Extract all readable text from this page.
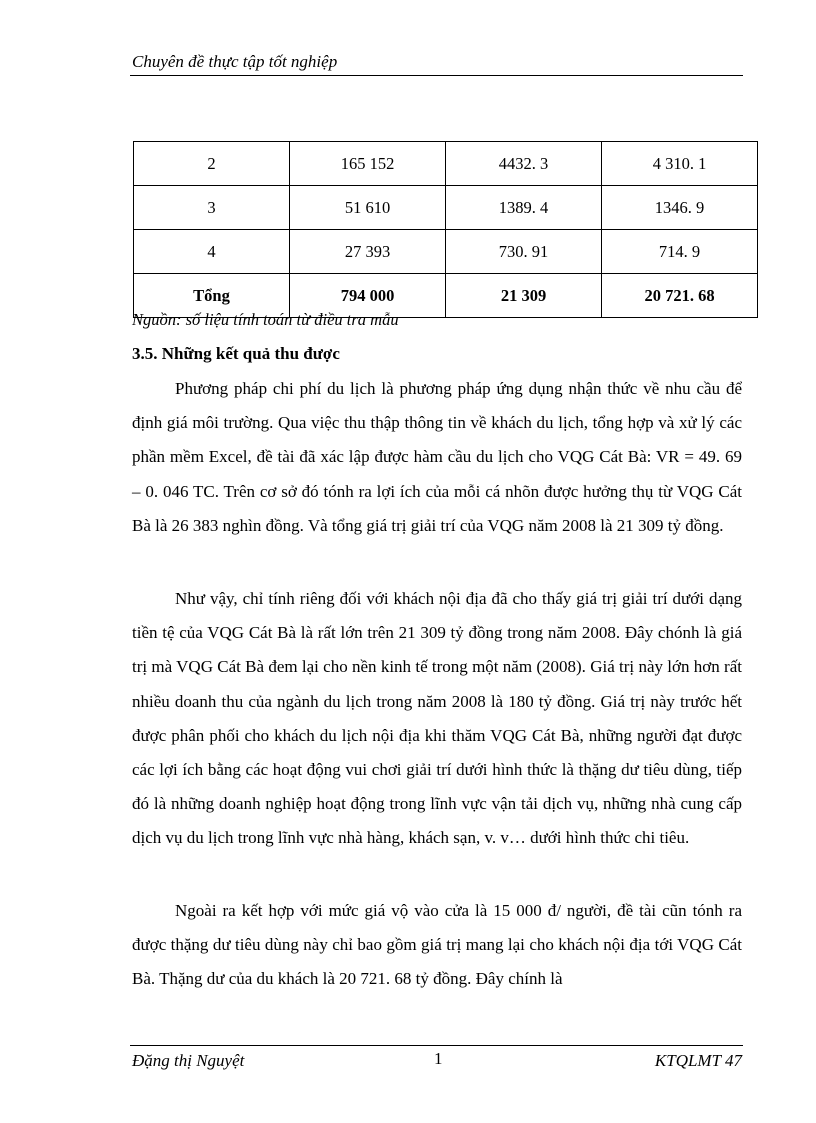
Chuyên đề thực tập tốt nghiệp
2	165 152	4432. 3	4 310. 1
3	51 610	1389. 4	1346. 9
4	27 393	730. 91	714. 9
Tổng	794 000	21 309	20 721. 68
Nguồn: số liệu tính toán từ điều tra mẫu
3.5. Những kết quả thu được
Phương pháp chi phí du lịch là phương pháp ứng dụng nhận thức về nhu cầu để định giá môi trường. Qua việc thu thập thông tin về khách du lịch, tổng hợp và xử lý các phần mềm Excel, đề tài đã xác lập được hàm cầu du lịch cho VQG Cát Bà: VR = 49. 69 – 0. 046 TC. Trên cơ sở đó tónh ra lợi ích của mỗi cá nhõn được hưởng thụ từ VQG Cát Bà là 26 383 nghìn đồng. Và tổng giá trị giải trí của VQG năm 2008 là 21 309 tỷ đồng.
Như vậy, chỉ tính riêng đối với khách nội địa đã cho thấy giá trị giải trí dưới dạng tiền tệ của VQG Cát Bà là rất lớn trên 21 309 tỷ đồng trong năm 2008. Đây chónh là giá trị mà VQG Cát Bà đem lại cho nền kinh tế trong một năm (2008). Giá trị này lớn hơn rất nhiều doanh thu của ngành du lịch trong năm 2008 là 180 tỷ đồng. Giá trị này trước hết được phân phối cho khách du lịch nội địa khi thăm VQG Cát Bà, những người đạt được các lợi ích bằng các hoạt động vui chơi giải trí dưới hình thức là thặng dư tiêu dùng, tiếp đó là những doanh nghiệp hoạt động trong lĩnh vực vận tải dịch vụ, những nhà cung cấp dịch vụ du lịch trong lĩnh vực nhà hàng, khách sạn, v. v… dưới hình thức chi tiêu.
Ngoài ra kết hợp với mức giá vộ vào cửa là 15 000 đ/ người, đề tài cũn tónh ra được thặng dư tiêu dùng này chỉ bao gồm giá trị mang lại cho khách nội địa tới VQG Cát Bà. Thặng dư của du khách là 20 721. 68 tỷ đồng. Đây chính là
Đặng thị Nguyệt	1	KTQLMT 47
